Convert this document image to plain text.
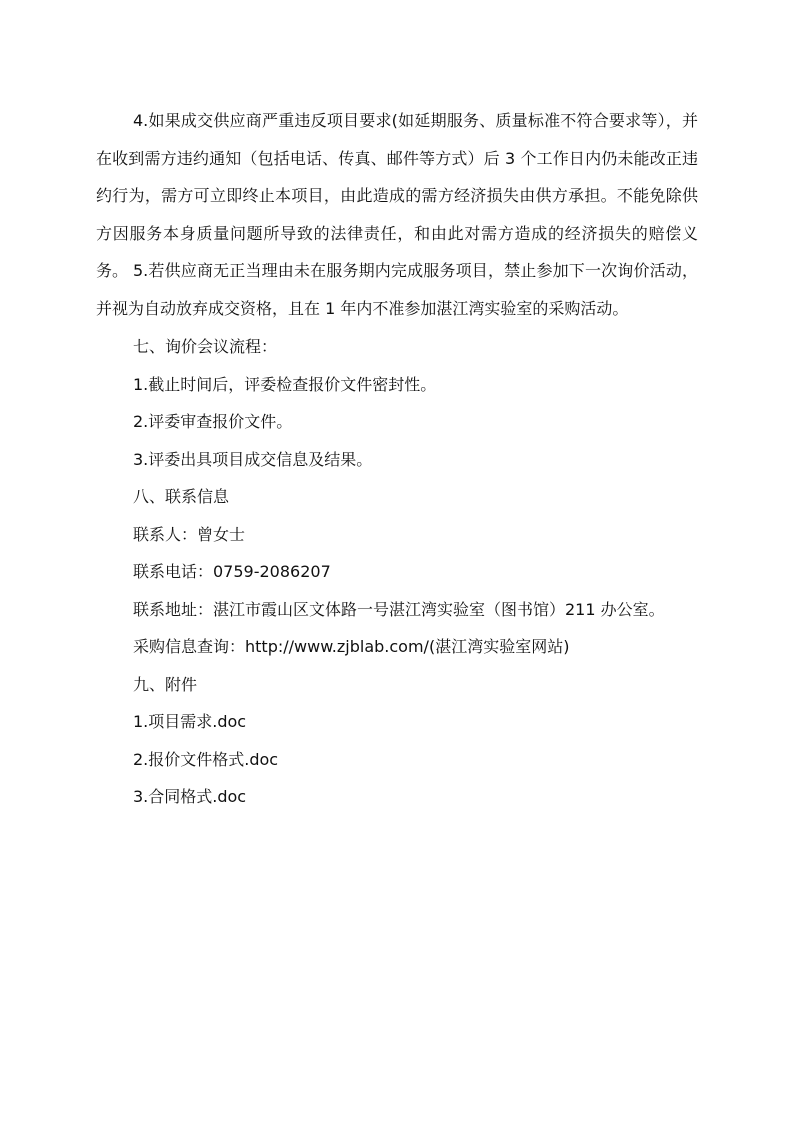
4.如果成交供应商严重违反项目要求(如延期服务、质量标准不符合要求等），并在收到需方违约通知（包括电话、传真、邮件等方式）后 3 个工作日内仍未能改正违约行为，需方可立即终止本项目，由此造成的需方经济损失由供方承担。不能免除供方因服务本身质量问题所导致的法律责任，和由此对需方造成的经济损失的赔偿义务。 5.若供应商无正当理由未在服务期内完成服务项目，禁止参加下一次询价活动，并视为自动放弃成交资格，且在 1 年内不准参加湛江湾实验室的采购活动。

七、询价会议流程：
1.截止时间后，评委检查报价文件密封性。
2.评委审查报价文件。
3.评委出具项目成交信息及结果。
八、联系信息
联系人：曾女士
联系电话：0759-2086207
联系地址：湛江市霞山区文体路一号湛江湾实验室（图书馆）211 办公室。
采购信息查询：http://www.zjblab.com/(湛江湾实验室网站)
九、附件
1.项目需求.doc
2.报价文件格式.doc
3.合同格式.doc
